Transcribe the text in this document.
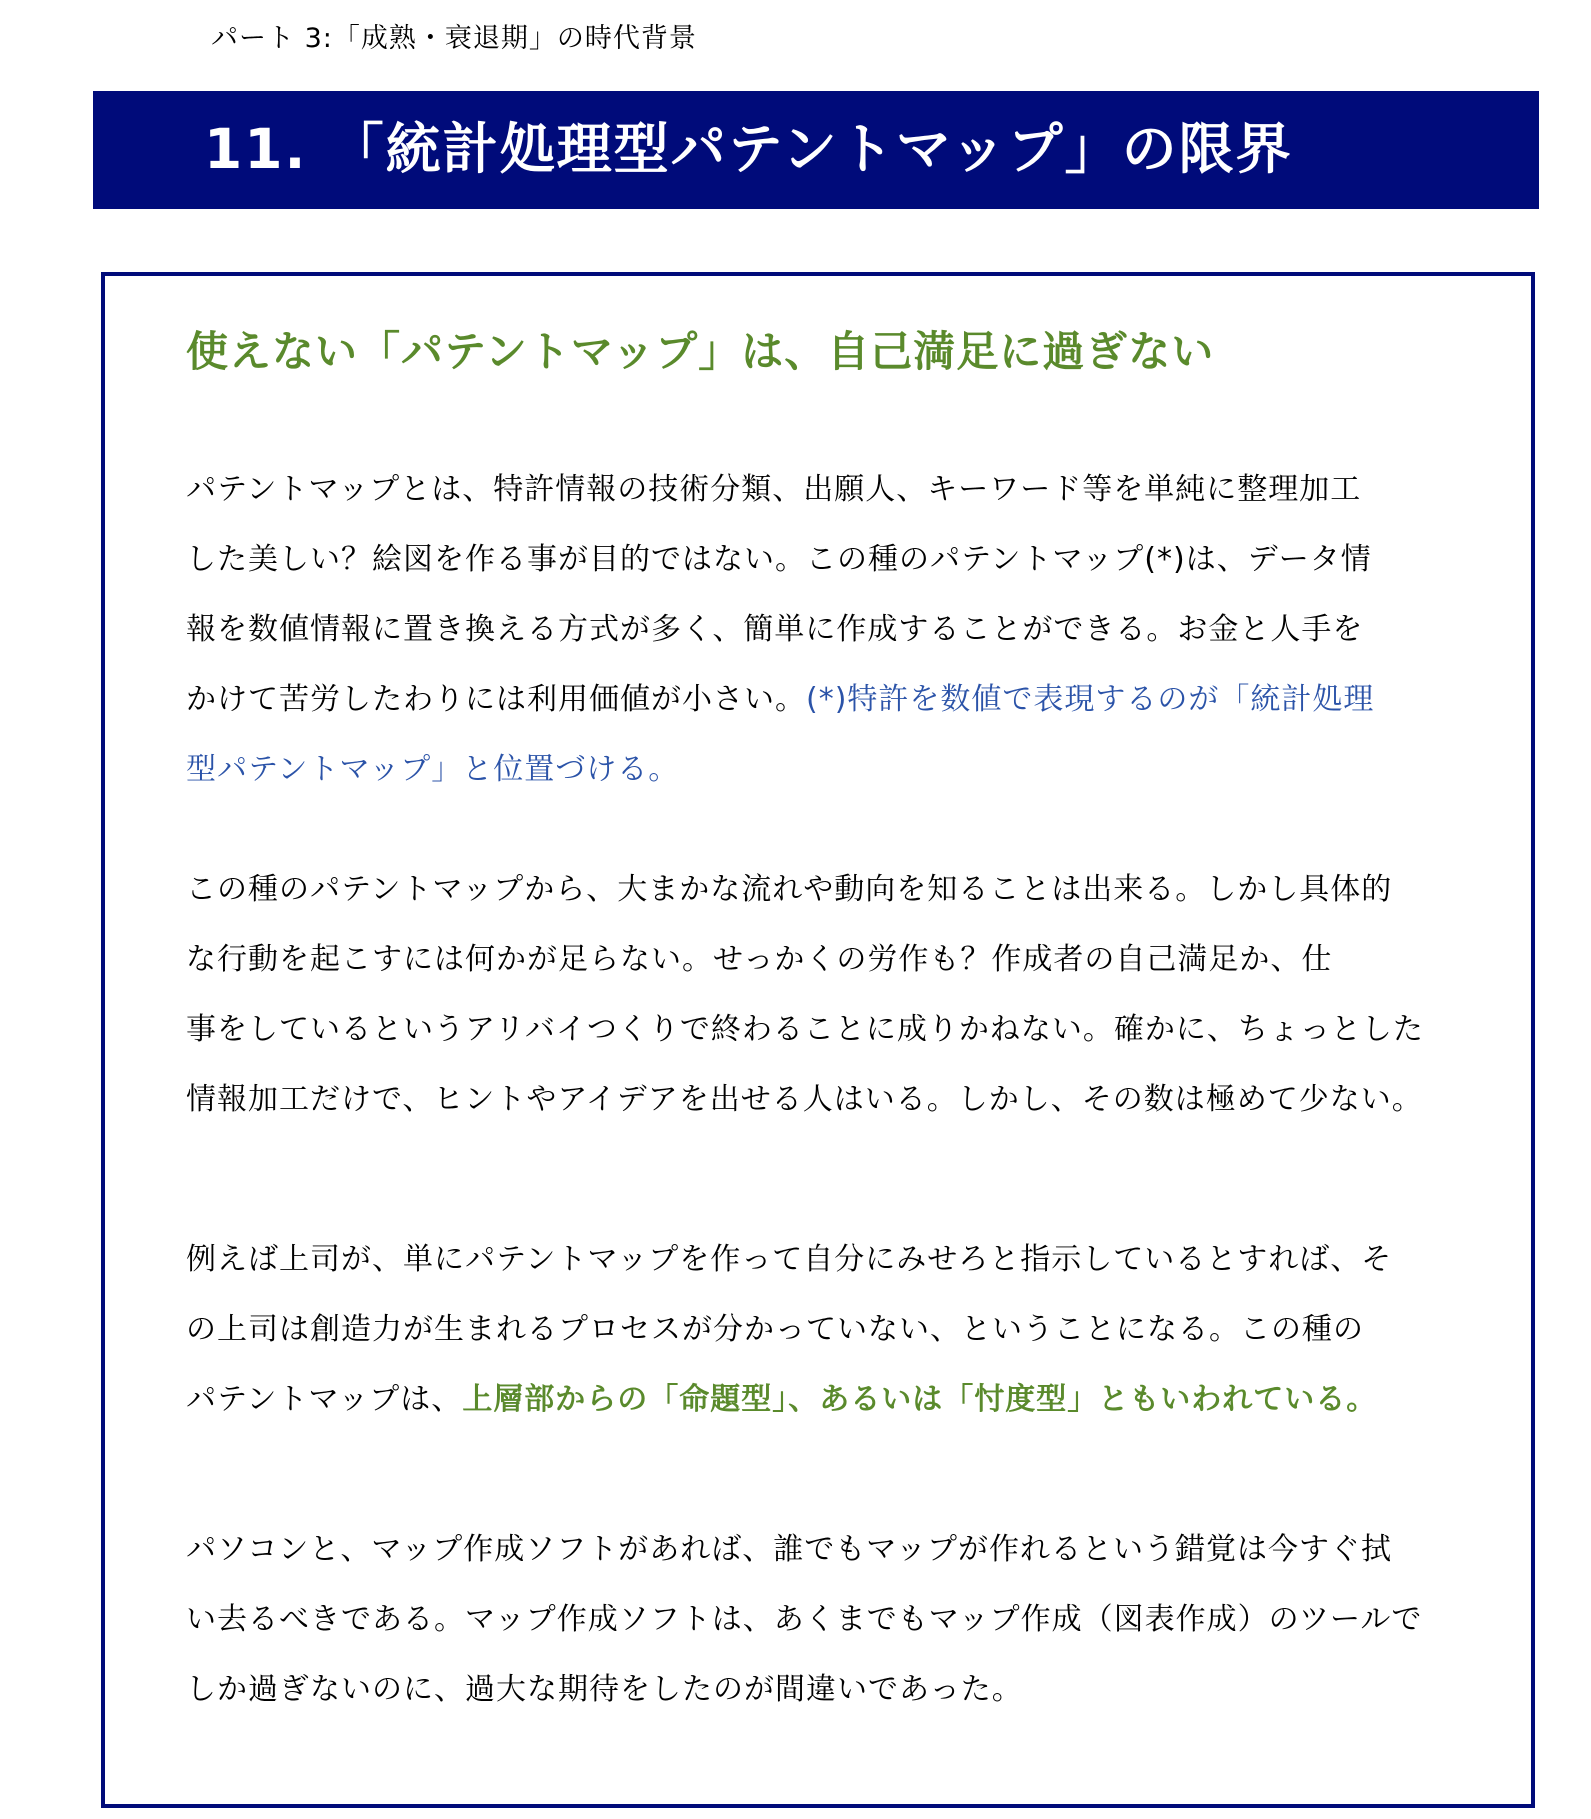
パート 3:「成熟・衰退期」の時代背景
11. 「統計処理型パテントマップ」の限界
使えない「パテントマップ」は、自己満足に過ぎない
パテントマップとは、特許情報の技術分類、出願人、キーワード等を単純に整理加工
した美しい？絵図を作る事が目的ではない。この種のパテントマップ(*)は、データ情
報を数値情報に置き換える方式が多く、簡単に作成することができる。お金と人手を
かけて苦労したわりには利用価値が小さい。(*)特許を数値で表現するのが「統計処理
型パテントマップ」と位置づける。
この種のパテントマップから、大まかな流れや動向を知ることは出来る。しかし具体的
な行動を起こすには何かが足らない。せっかくの労作も？作成者の自己満足か、仕
事をしているというアリバイつくりで終わることに成りかねない。確かに、ちょっとした
情報加工だけで、ヒントやアイデアを出せる人はいる。しかし、その数は極めて少ない。
例えば上司が、単にパテントマップを作って自分にみせろと指示しているとすれば、そ
の上司は創造力が生まれるプロセスが分かっていない、ということになる。この種の
パテントマップは、上層部からの「命題型」、あるいは「忖度型」ともいわれている。
パソコンと、マップ作成ソフトがあれば、誰でもマップが作れるという錯覚は今すぐ拭
い去るべきである。マップ作成ソフトは、あくまでもマップ作成（図表作成）のツールで
しか過ぎないのに、過大な期待をしたのが間違いであった。
